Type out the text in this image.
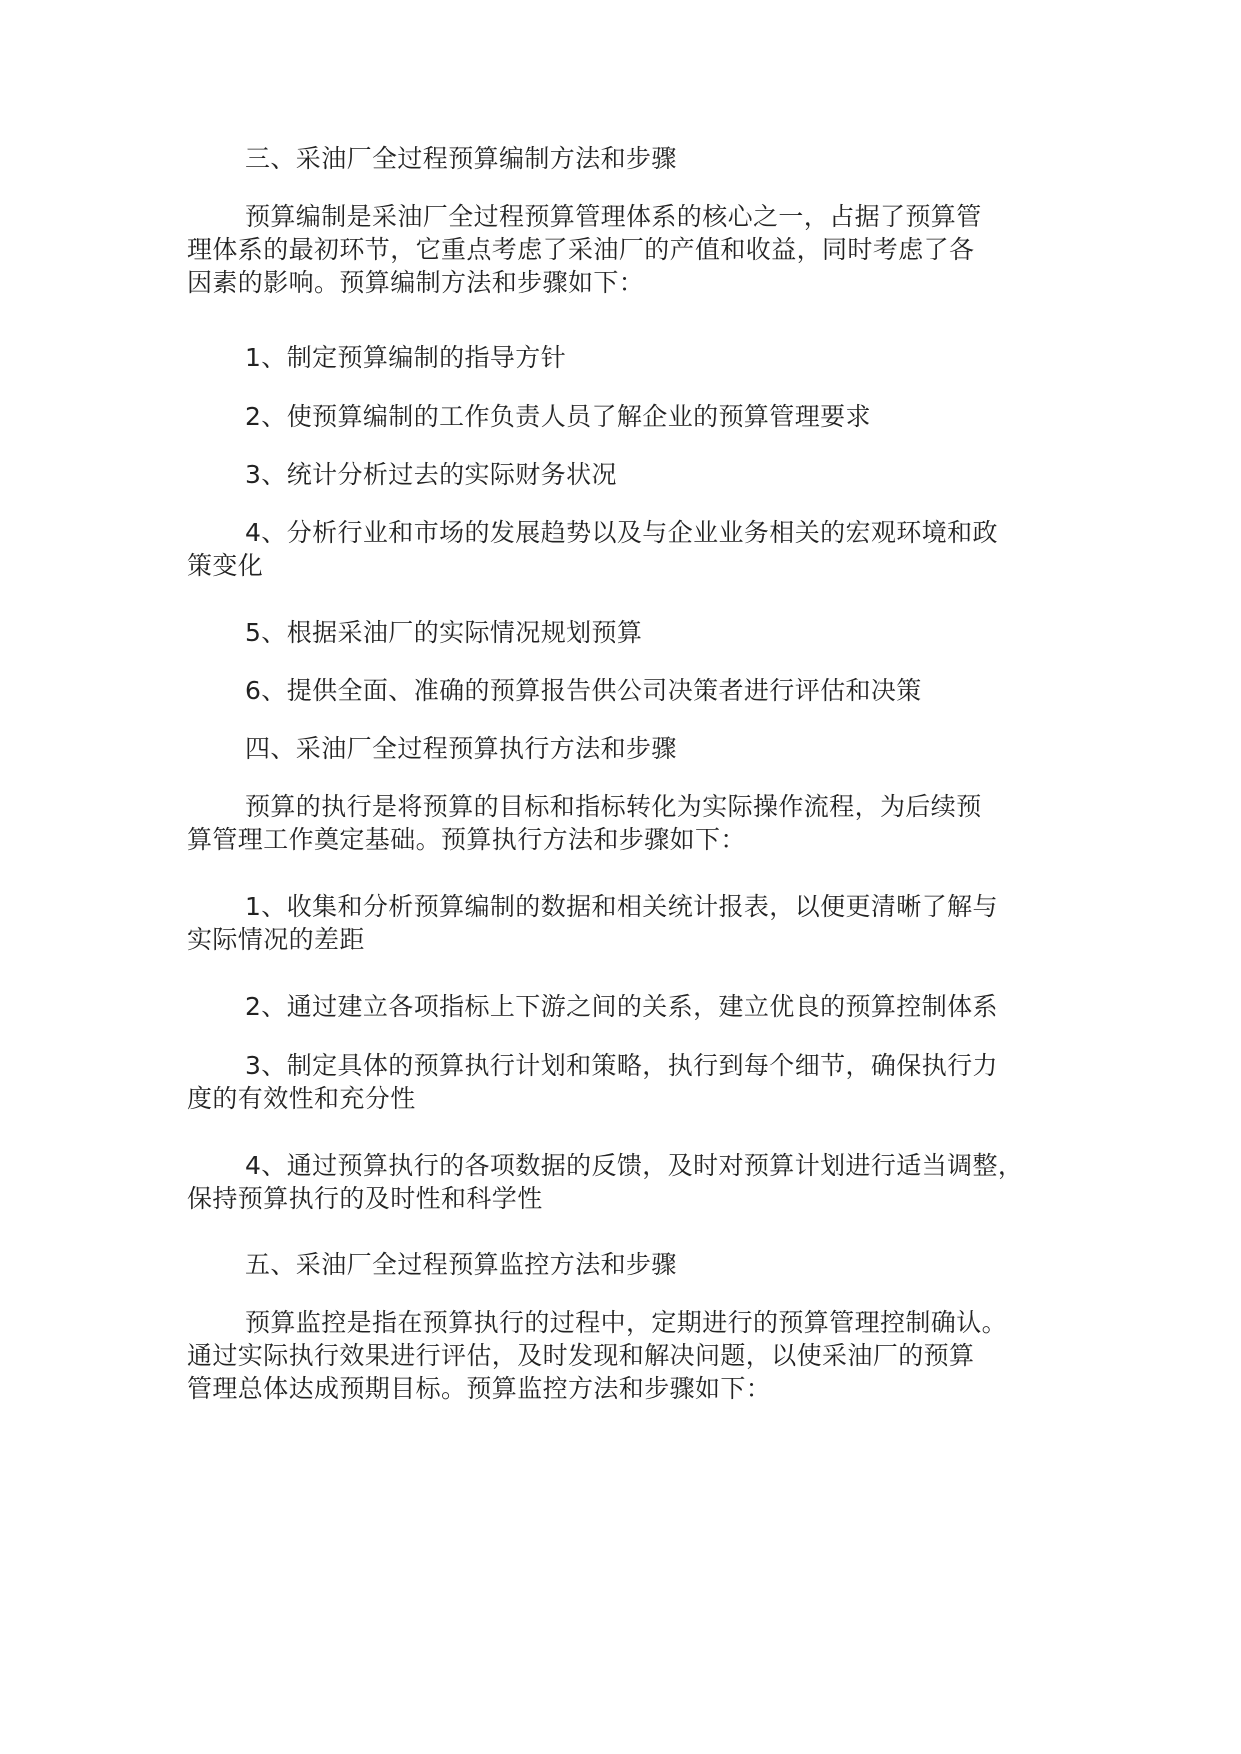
三、采油厂全过程预算编制方法和步骤

预算编制是采油厂全过程预算管理体系的核心之一，占据了预算管
理体系的最初环节，它重点考虑了采油厂的产值和收益，同时考虑了各
因素的影响。预算编制方法和步骤如下：

1、制定预算编制的指导方针

2、使预算编制的工作负责人员了解企业的预算管理要求

3、统计分析过去的实际财务状况

4、分析行业和市场的发展趋势以及与企业业务相关的宏观环境和政
策变化

5、根据采油厂的实际情况规划预算

6、提供全面、准确的预算报告供公司决策者进行评估和决策

四、采油厂全过程预算执行方法和步骤

预算的执行是将预算的目标和指标转化为实际操作流程，为后续预
算管理工作奠定基础。预算执行方法和步骤如下：

1、收集和分析预算编制的数据和相关统计报表，以便更清晰了解与
实际情况的差距

2、通过建立各项指标上下游之间的关系，建立优良的预算控制体系

3、制定具体的预算执行计划和策略，执行到每个细节，确保执行力
度的有效性和充分性

4、通过预算执行的各项数据的反馈，及时对预算计划进行适当调整，
保持预算执行的及时性和科学性

五、采油厂全过程预算监控方法和步骤

预算监控是指在预算执行的过程中，定期进行的预算管理控制确认。
通过实际执行效果进行评估，及时发现和解决问题，以使采油厂的预算
管理总体达成预期目标。预算监控方法和步骤如下：
